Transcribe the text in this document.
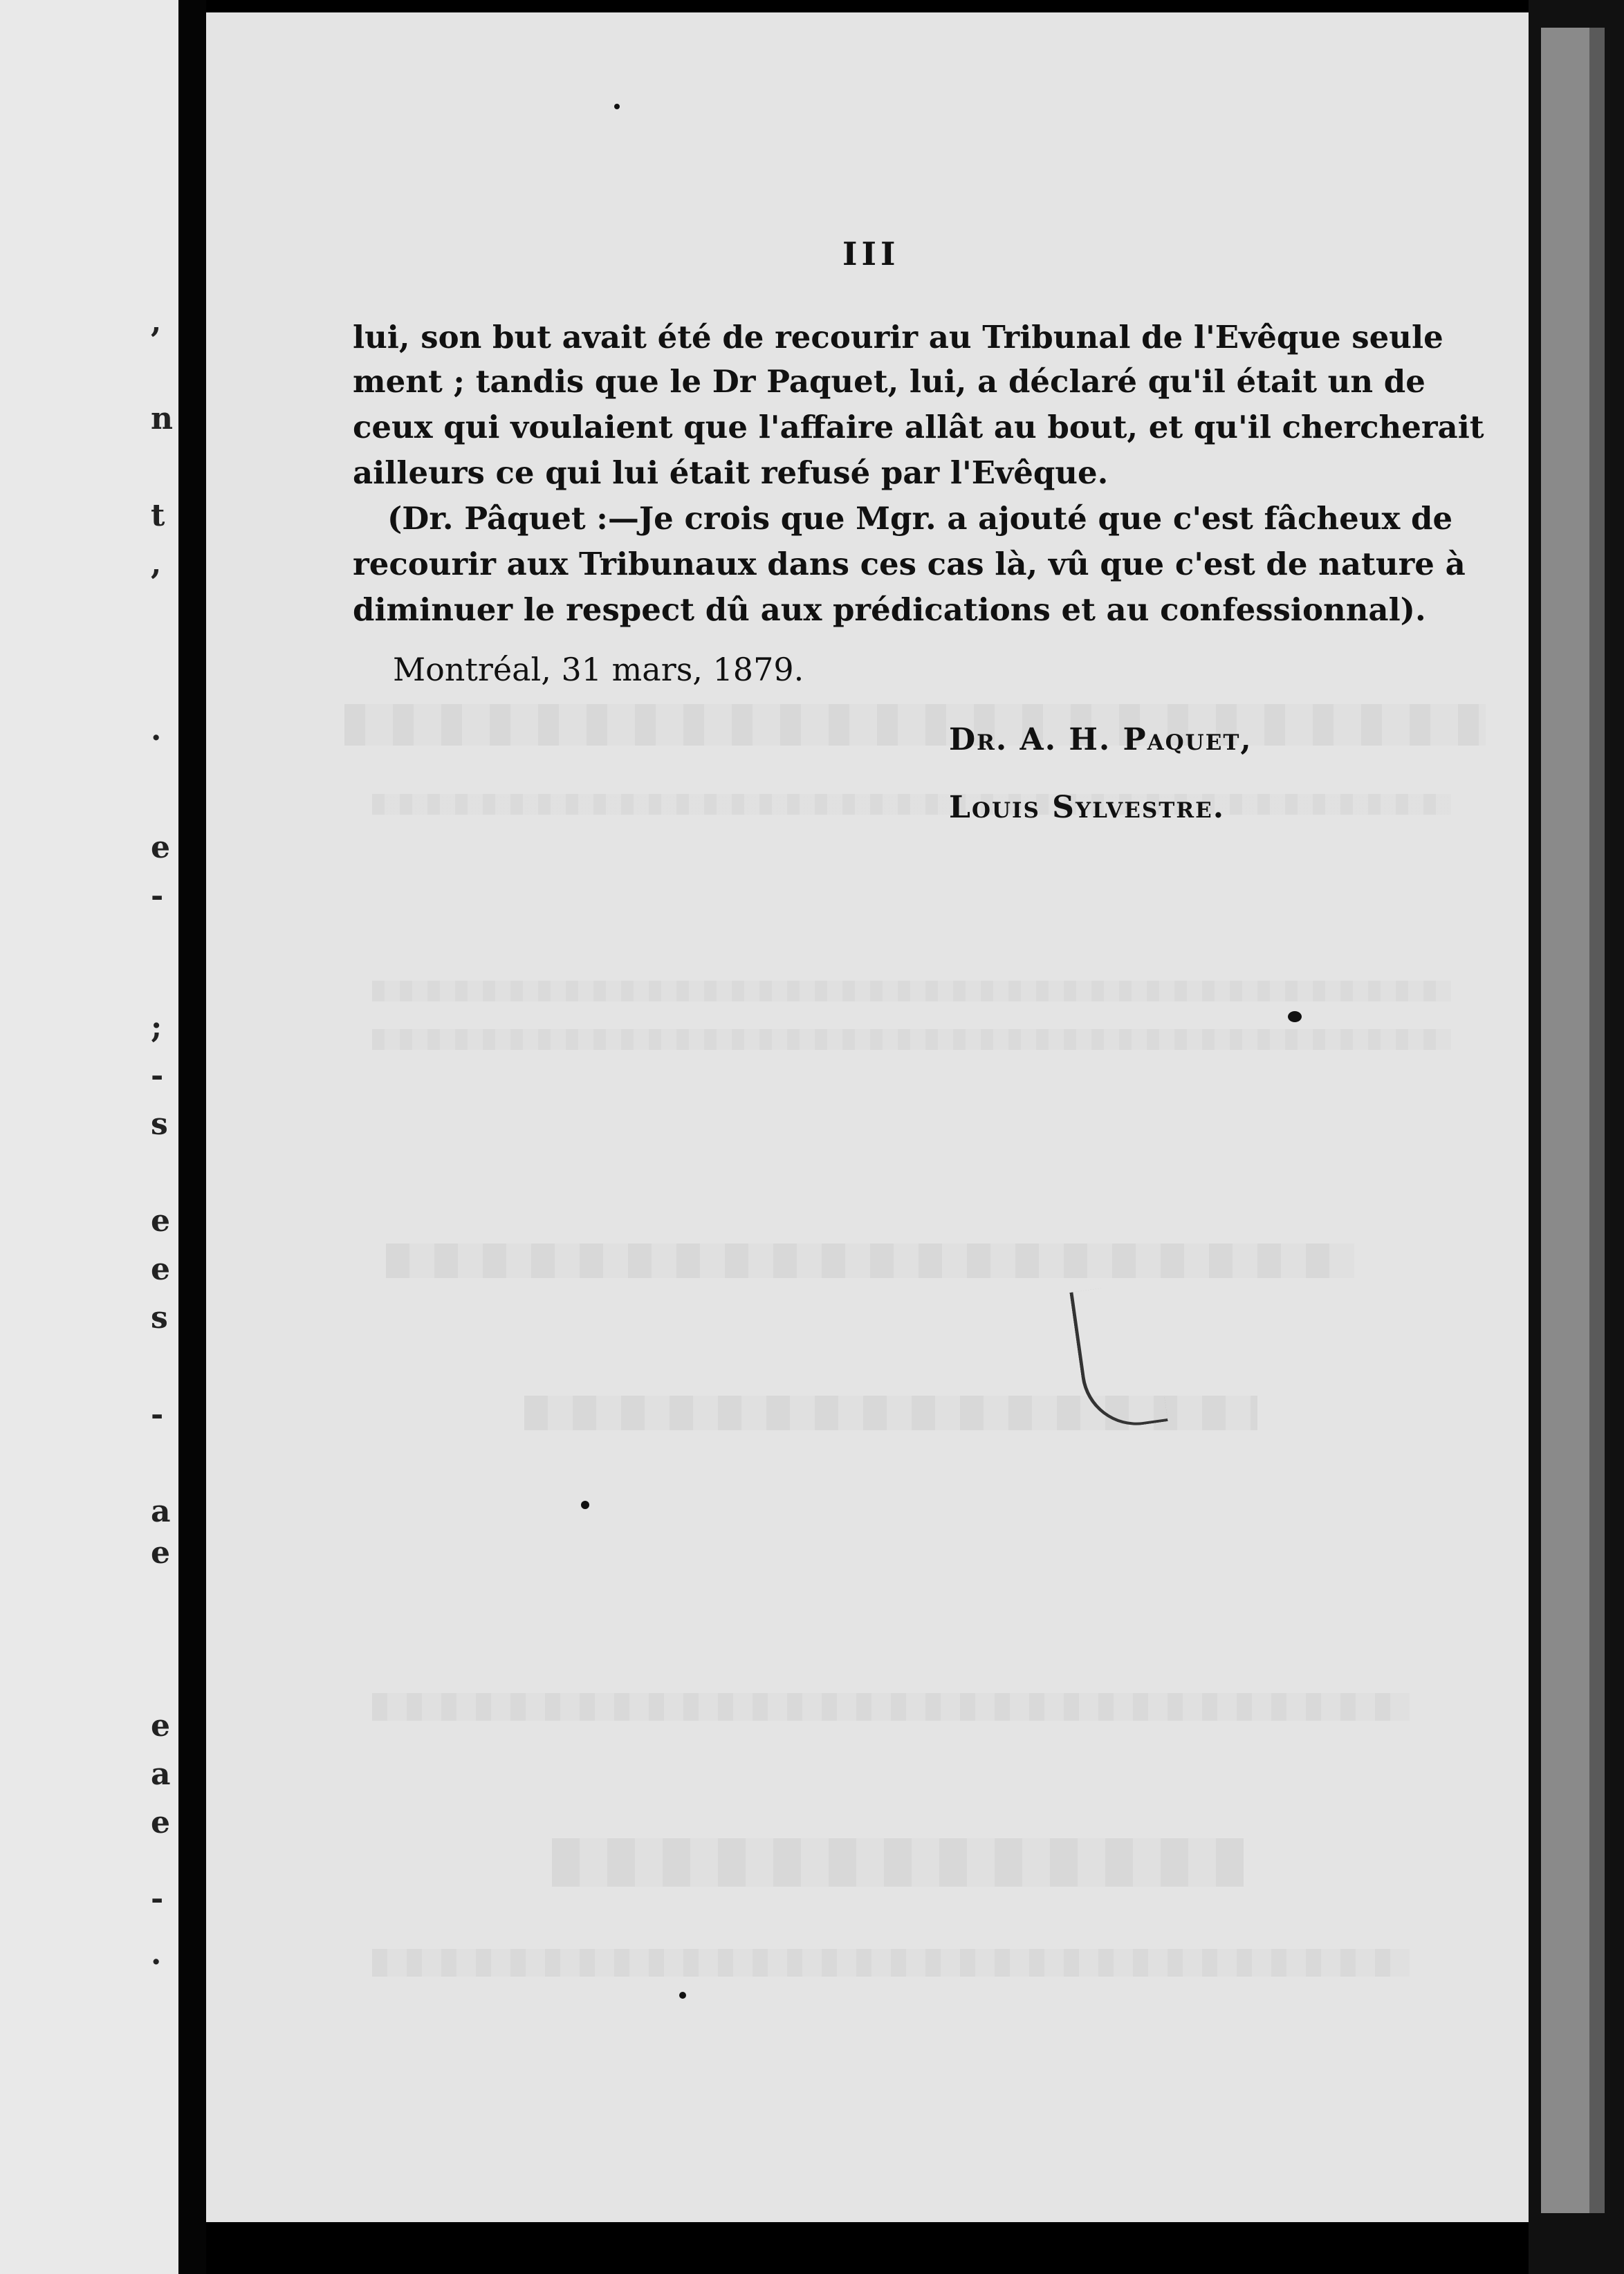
,
n
t
,
.
e
-
;
-
s
e
e
s
-
a
e
e
a
e
-
.
III
lui, son but avait été de recourir au Tribunal de l'Evêque seule
ment ; tandis que le Dr Paquet, lui, a déclaré qu'il était un de
ceux qui voulaient que l'affaire allât au bout, et qu'il chercherait
ailleurs ce qui lui était refusé par l'Evêque.
(Dr. Pâquet :—Je crois que Mgr. a ajouté que c'est fâcheux de
recourir aux Tribunaux dans ces cas là, vû que c'est de nature à
diminuer le respect dû aux prédications et au confessionnal).
Montréal, 31 mars, 1879.
Dr. A. H. Paquet,
Louis Sylvestre.
